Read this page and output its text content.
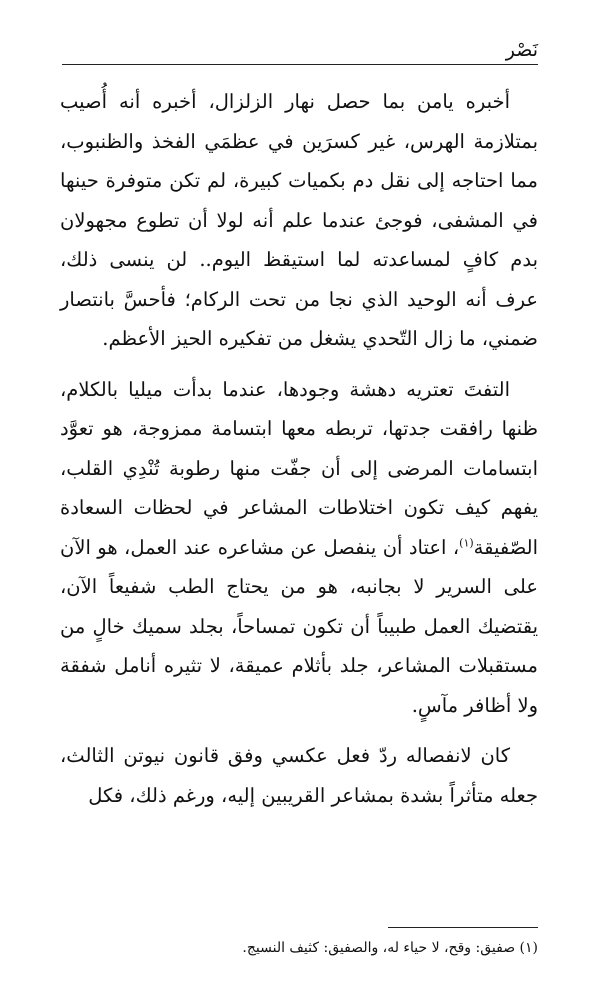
نَصْر

أخبره يامن بما حصل نهار الزلزال، أخبره أنه أُصيب بمتلازمة الهرس، غير كسرَين في عظمَي الفخذ والظنبوب، مما احتاجه إلى نقل دم بكميات كبيرة، لم تكن متوفرة حينها في المشفى، فوجئ عندما علم أنه لولا أن تطوع مجهولان بدم كافٍ لمساعدته لما استيقظ اليوم.. لن ينسى ذلك، عرف أنه الوحيد الذي نجا من تحت الركام؛ فأحسَّ بانتصار ضمني، ما زال التّحدي يشغل من تفكيره الحيز الأعظم.

التفتَ تعتريه دهشة وجودها، عندما بدأت ميليا بالكلام، ظنها رافقت جدتها، تربطه معها ابتسامة ممزوجة، هو تعوَّد ابتسامات المرضى إلى أن جفّت منها رطوبة تُنْدِي القلب، يفهم كيف تكون اختلاطات المشاعر في لحظات السعادة الصّفيقة$^{(١)}$، اعتاد أن ينفصل عن مشاعره عند العمل، هو الآن على السرير لا بجانبه، هو من يحتاج الطب شفيعاً الآن، يقتضيك العمل طبيباً أن تكون تمساحاً، بجلد سميك خالٍ من مستقبلات المشاعر، جلد بأثلام عميقة، لا تثيره أنامل شفقة ولا أظافر مآسٍ.

كان لانفصاله ردّ فعل عكسي وفق قانون نيوتن الثالث، جعله متأثراً بشدة بمشاعر القريبين إليه، ورغم ذلك، فكل

(١) صفيق: وقح، لا حياء له، والصفيق: كثيف النسيج.
